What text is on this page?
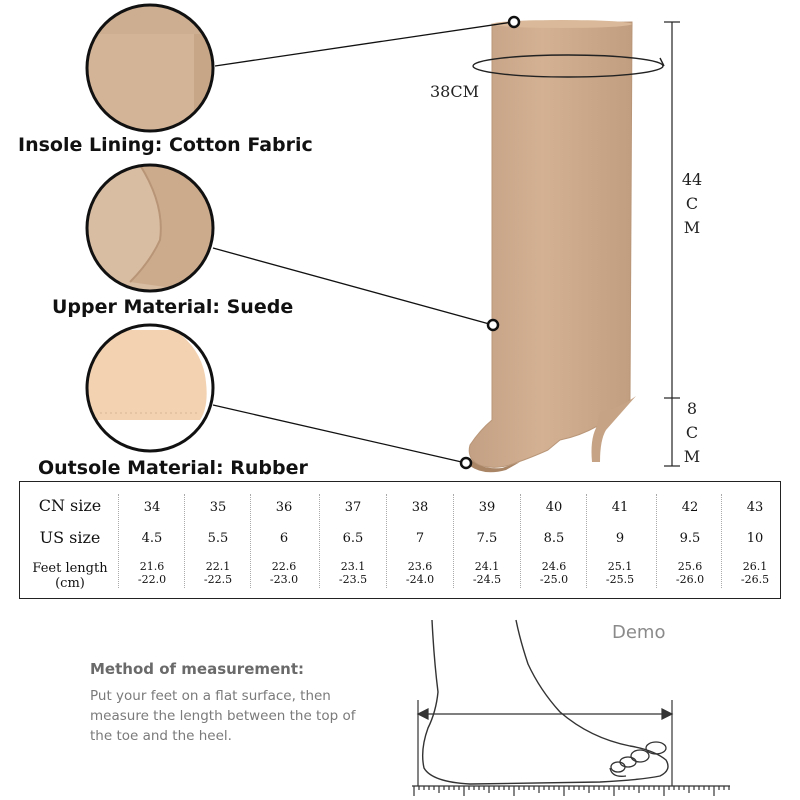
Insole Lining: Cotton Fabric
Upper Material: Suede
Outsole Material: Rubber
38CM
44
C
M
8
C
M
CN size
US size
Feet length
(cm)
34
4.5
21.6
-22.0
35
5.5
22.1
-22.5
36
6
22.6
-23.0
37
6.5
23.1
-23.5
38
7
23.6
-24.0
39
7.5
24.1
-24.5
40
8.5
24.6
-25.0
41
9
25.1
-25.5
42
9.5
25.6
-26.0
43
10
26.1
-26.5
Method of measurement:
Put your feet on a flat surface, then
measure the length between the top of
the toe and the heel.
Demo
